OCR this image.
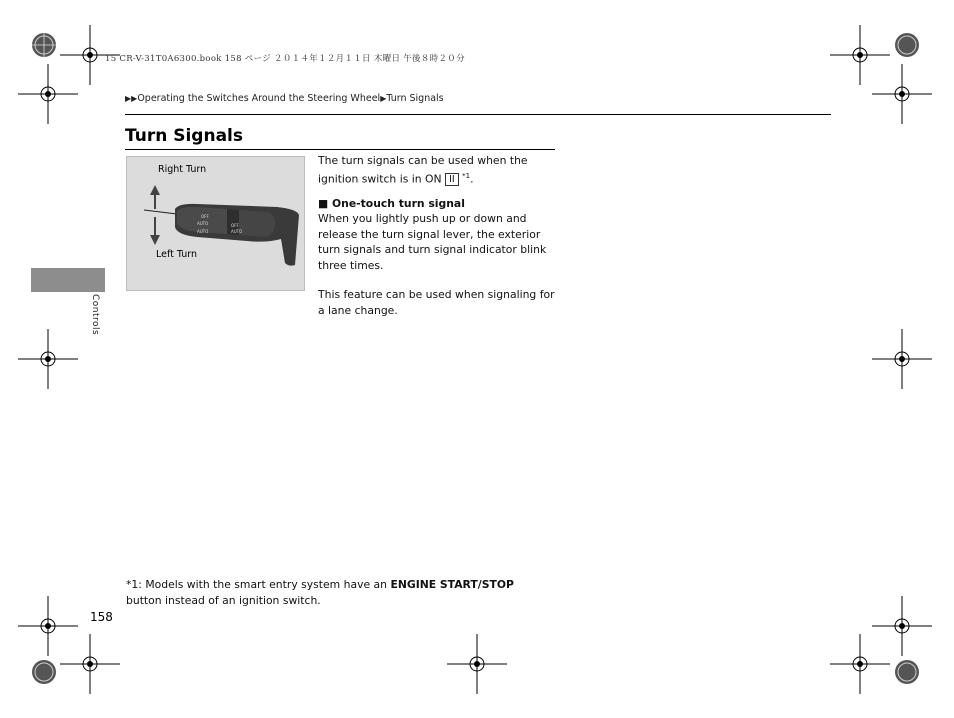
15 CR-V-31T0A6300.book 158 ページ ２０１４年１２月１１日 木曜日 午後８時２０分
▶▶Operating the Switches Around the Steering Wheel▶Turn Signals
Turn Signals
Right Turn
Left Turn
OFF
AUTO	OFF
AUTO
AUTO

The turn signals can be used when the ignition switch is in ON II $^{*1}$.

■ One-touch turn signal

When you lightly push up or down and release the turn signal lever, the exterior turn signals and turn signal indicator blink three times.

This feature can be used when signaling for a lane change.

Controls

*1: Models with the smart entry system have an ENGINE START/STOP button instead of an ignition switch.

158
